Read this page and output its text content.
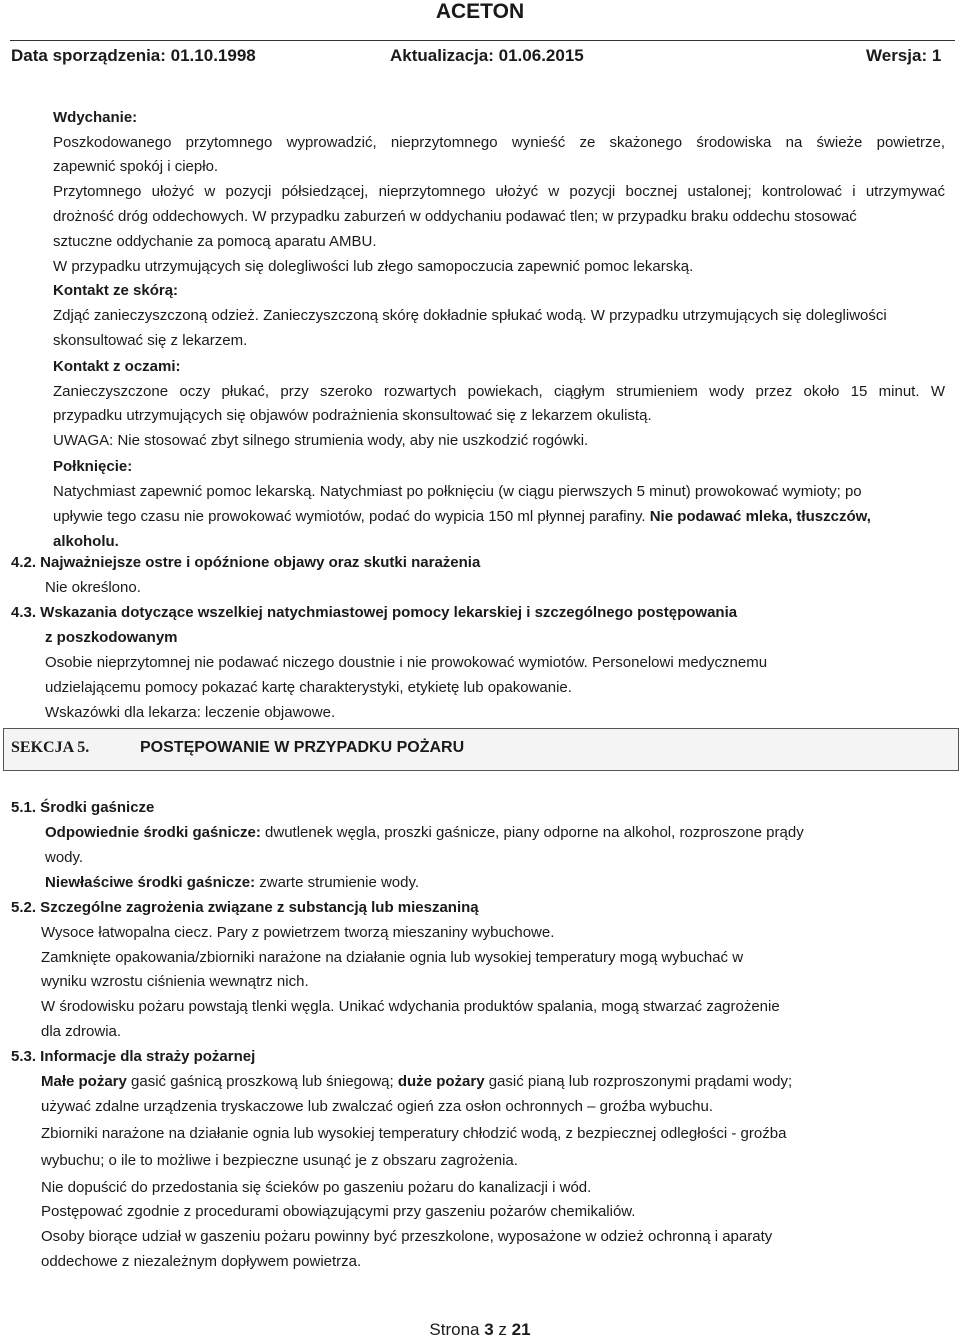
ACETON
Data sporządzenia: 01.10.1998	Aktualizacja: 01.06.2015	Wersja: 1
Wdychanie:
Poszkodowanego przytomnego wyprowadzić, nieprzytomnego wynieść ze skażonego środowiska na świeże powietrze,
zapewnić spokój i ciepło.
Przytomnego ułożyć w pozycji półsiedzącej, nieprzytomnego ułożyć w pozycji bocznej ustalonej; kontrolować i utrzymywać
drożność dróg oddechowych. W przypadku zaburzeń w oddychaniu podawać tlen; w przypadku braku oddechu stosować
sztuczne oddychanie za pomocą aparatu AMBU.
W przypadku utrzymujących się dolegliwości lub złego samopoczucia zapewnić pomoc lekarską.
Kontakt ze skórą:
Zdjąć zanieczyszczoną odzież. Zanieczyszczoną skórę dokładnie spłukać wodą. W przypadku utrzymujących się dolegliwości
skonsultować się z lekarzem.
Kontakt z oczami:
Zanieczyszczone oczy płukać, przy szeroko rozwartych powiekach, ciągłym strumieniem wody przez około 15 minut. W
przypadku utrzymujących się objawów podrażnienia skonsultować się z lekarzem okulistą.
UWAGA: Nie stosować zbyt silnego strumienia wody, aby nie uszkodzić rogówki.
Połknięcie:
Natychmiast zapewnić pomoc lekarską. Natychmiast po połknięciu (w ciągu pierwszych 5 minut) prowokować wymioty; po
upływie tego czasu nie prowokować wymiotów, podać do wypicia 150 ml płynnej parafiny. Nie podawać mleka, tłuszczów,
alkoholu.
4.2. Najważniejsze ostre i opóźnione objawy oraz skutki narażenia
Nie określono.
4.3. Wskazania dotyczące wszelkiej natychmiastowej pomocy lekarskiej i szczególnego postępowania
z poszkodowanym
Osobie nieprzytomnej nie podawać niczego doustnie i nie prowokować wymiotów. Personelowi medycznemu
udzielającemu pomocy pokazać kartę charakterystyki, etykietę lub opakowanie.
Wskazówki dla lekarza: leczenie objawowe.
SEKCJA 5.	POSTĘPOWANIE W PRZYPADKU POŻARU
5.1. Środki gaśnicze
Odpowiednie środki gaśnicze: dwutlenek węgla, proszki gaśnicze, piany odporne na alkohol, rozproszone prądy
wody.
Niewłaściwe środki gaśnicze: zwarte strumienie wody.
5.2. Szczególne zagrożenia związane z substancją lub mieszaniną
Wysoce łatwopalna ciecz. Pary z powietrzem tworzą mieszaniny wybuchowe.
Zamknięte opakowania/zbiorniki narażone na działanie ognia lub wysokiej temperatury mogą wybuchać w
wyniku wzrostu ciśnienia wewnątrz nich.
W środowisku pożaru powstają tlenki węgla. Unikać wdychania produktów spalania, mogą stwarzać zagrożenie
dla zdrowia.
5.3. Informacje dla straży pożarnej
Małe pożary gasić gaśnicą proszkową lub śniegową; duże pożary gasić pianą lub rozproszonymi prądami wody;
używać zdalne urządzenia tryskaczowe lub zwalczać ogień zza osłon ochronnych – groźba wybuchu.
Zbiorniki narażone na działanie ognia lub wysokiej temperatury chłodzić wodą, z bezpiecznej odległości - groźba
wybuchu; o ile to możliwe i bezpieczne usunąć je z obszaru zagrożenia.
Nie dopuścić do przedostania się ścieków po gaszeniu pożaru do kanalizacji i wód.
Postępować zgodnie z procedurami obowiązującymi przy gaszeniu pożarów chemikaliów.
Osoby biorące udział w gaszeniu pożaru powinny być przeszkolone, wyposażone w odzież ochronną i aparaty
oddechowe z niezależnym dopływem powietrza.
Strona 3 z 21
